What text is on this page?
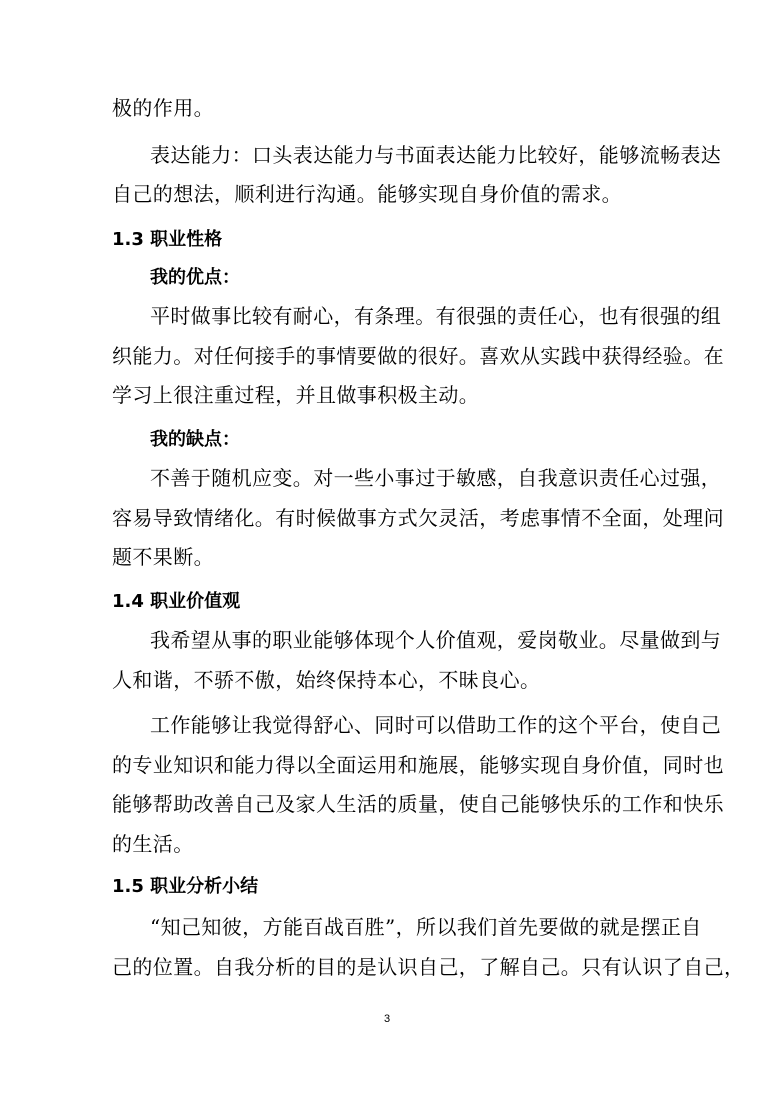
极的作用。
表达能力：口头表达能力与书面表达能力比较好，能够流畅表达
自己的想法，顺利进行沟通。能够实现自身价值的需求。
1.3 职业性格
我的优点：
平时做事比较有耐心，有条理。有很强的责任心，也有很强的组
织能力。对任何接手的事情要做的很好。喜欢从实践中获得经验。在
学习上很注重过程，并且做事积极主动。
我的缺点：
不善于随机应变。对一些小事过于敏感，自我意识责任心过强，
容易导致情绪化。有时候做事方式欠灵活，考虑事情不全面，处理问
题不果断。
1.4 职业价值观
我希望从事的职业能够体现个人价值观，爱岗敬业。尽量做到与
人和谐，不骄不傲，始终保持本心，不昧良心。
工作能够让我觉得舒心、同时可以借助工作的这个平台，使自己
的专业知识和能力得以全面运用和施展，能够实现自身价值，同时也
能够帮助改善自己及家人生活的质量，使自己能够快乐的工作和快乐
的生活。
1.5 职业分析小结
“知己知彼，方能百战百胜”，所以我们首先要做的就是摆正自
己的位置。自我分析的目的是认识自己，了解自己。只有认识了自己，
3
